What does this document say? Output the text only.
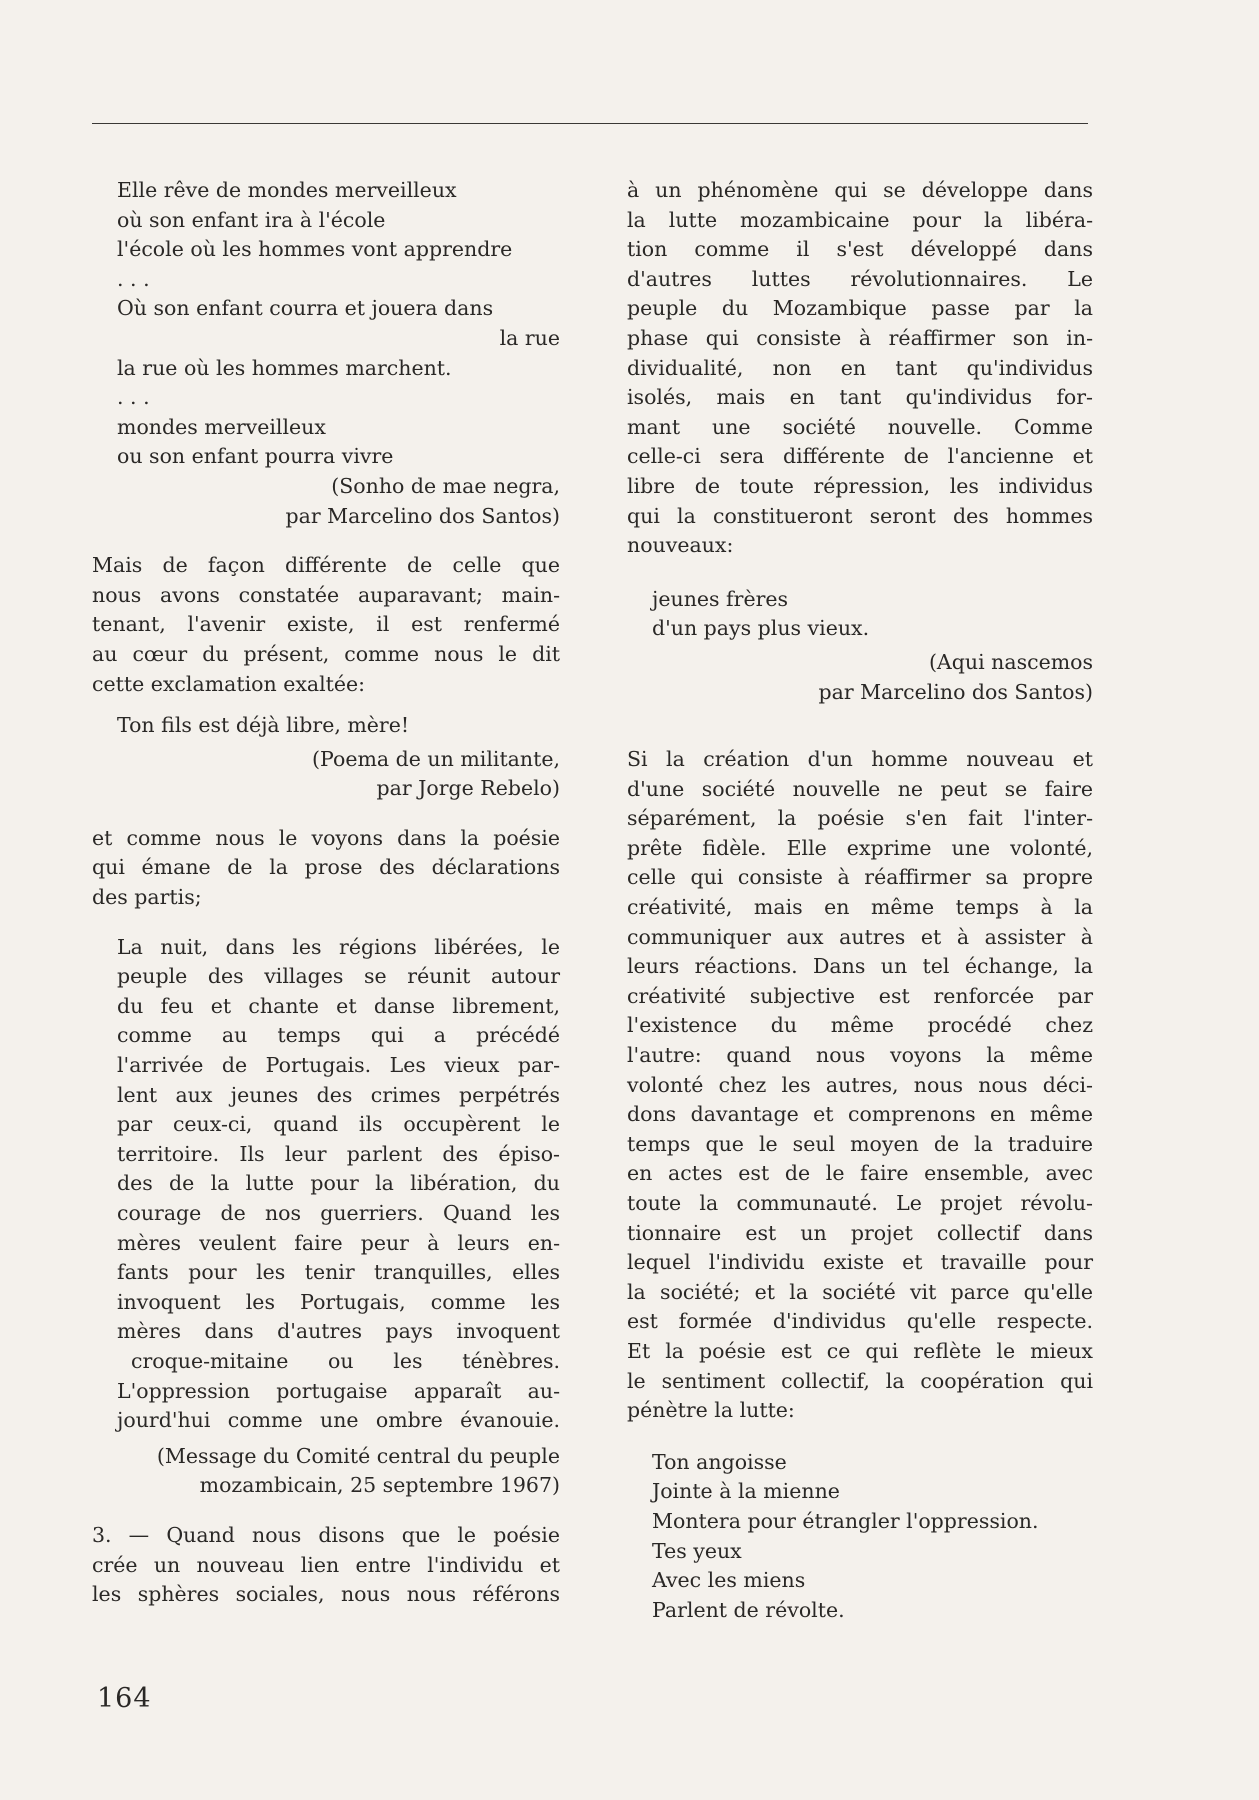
Elle rêve de mondes merveilleux
où son enfant ira à l'école
l'école où les hommes vont apprendre
. . .
Où son enfant courra et jouera dans
la rue
la rue où les hommes marchent.
. . .
mondes merveilleux
ou son enfant pourra vivre
(Sonho de mae negra,
par Marcelino dos Santos)
Mais de façon différente de celle que
nous avons constatée auparavant; main-
tenant, l'avenir existe, il est renfermé
au cœur du présent, comme nous le dit
cette exclamation exaltée:
Ton fils est déjà libre, mère!
(Poema de un militante,
par Jorge Rebelo)
et comme nous le voyons dans la poésie
qui émane de la prose des déclarations
des partis;
La nuit, dans les régions libérées, le
peuple des villages se réunit autour
du feu et chante et danse librement,
comme au temps qui a précédé
l'arrivée de Portugais. Les vieux par-
lent aux jeunes des crimes perpétrés
par ceux-ci, quand ils occupèrent le
territoire. Ils leur parlent des épiso-
des de la lutte pour la libération, du
courage de nos guerriers. Quand les
mères veulent faire peur à leurs en-
fants pour les tenir tranquilles, elles
invoquent les Portugais, comme les
mères dans d'autres pays invoquent
croque-mitaine ou les ténèbres.
L'oppression portugaise apparaît au-
jourd'hui comme une ombre évanouie.
(Message du Comité central du peuple
mozambicain, 25 septembre 1967)
3. — Quand nous disons que le poésie
crée un nouveau lien entre l'individu et
les sphères sociales, nous nous référons
à un phénomène qui se développe dans
la lutte mozambicaine pour la libéra-
tion comme il s'est développé dans
d'autres luttes révolutionnaires. Le
peuple du Mozambique passe par la
phase qui consiste à réaffirmer son in-
dividualité, non en tant qu'individus
isolés, mais en tant qu'individus for-
mant une société nouvelle. Comme
celle-ci sera différente de l'ancienne et
libre de toute répression, les individus
qui la constitueront seront des hommes
nouveaux:
jeunes frères
d'un pays plus vieux.
(Aqui nascemos
par Marcelino dos Santos)
Si la création d'un homme nouveau et
d'une société nouvelle ne peut se faire
séparément, la poésie s'en fait l'inter-
prête fidèle. Elle exprime une volonté,
celle qui consiste à réaffirmer sa propre
créativité, mais en même temps à la
communiquer aux autres et à assister à
leurs réactions. Dans un tel échange, la
créativité subjective est renforcée par
l'existence du même procédé chez
l'autre: quand nous voyons la même
volonté chez les autres, nous nous déci-
dons davantage et comprenons en même
temps que le seul moyen de la traduire
en actes est de le faire ensemble, avec
toute la communauté. Le projet révolu-
tionnaire est un projet collectif dans
lequel l'individu existe et travaille pour
la société; et la société vit parce qu'elle
est formée d'individus qu'elle respecte.
Et la poésie est ce qui reflète le mieux
le sentiment collectif, la coopération qui
pénètre la lutte:
Ton angoisse
Jointe à la mienne
Montera pour étrangler l'oppression.
Tes yeux
Avec les miens
Parlent de révolte.
164
